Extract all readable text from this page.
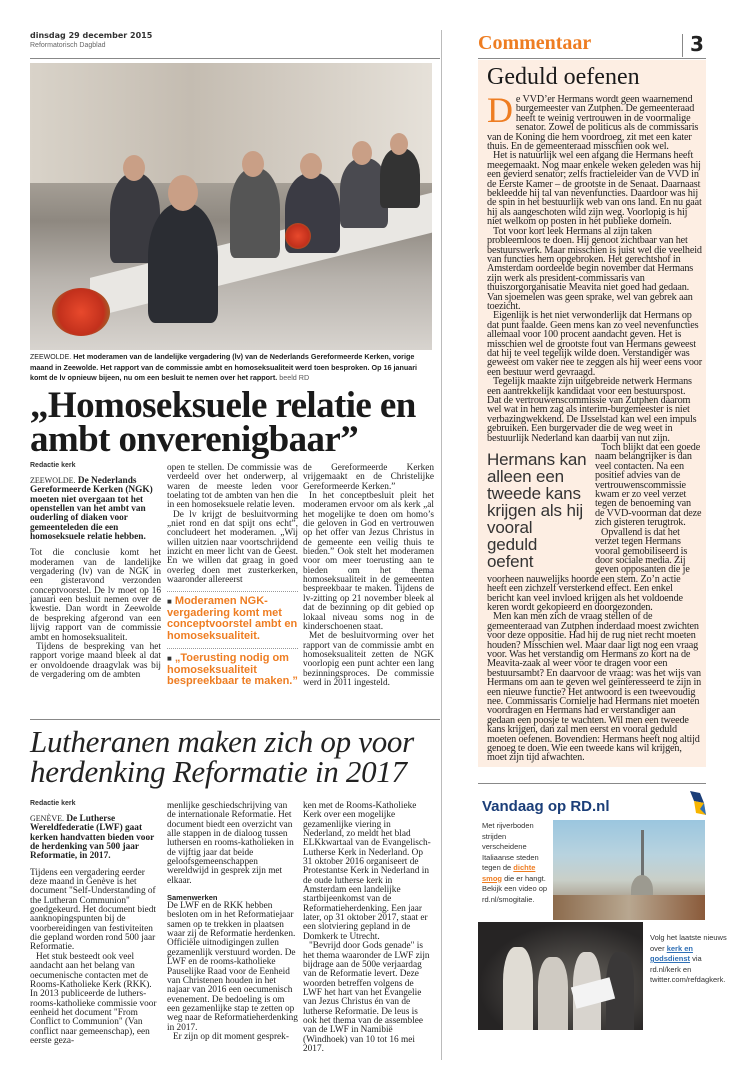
dinsdag 29 december 2015
Reformatorisch Dagblad
ZEEWOLDE. Het moderamen van de landelijke vergadering (lv) van de Nederlands Gereformeerde Kerken, vorige maand in Zeewolde. Het rapport van de commissie ambt en homoseksualiteit werd toen besproken. Op 16 januari komt de lv opnieuw bijeen, nu om een besluit te nemen over het rapport. beeld RD
„Homoseksuele relatie en
ambt onverenigbaar”
Redactie kerk
ZEEWOLDE. De Nederlands Gereformeerde Kerken (NGK) moeten niet overgaan tot het openstellen van het ambt van ouderling of diaken voor gemeenteleden die een homoseksuele relatie hebben.

Tot die conclusie komt het moderamen van de landelijke vergadering (lv) van de NGK in een gisteravond verzonden conceptvoorstel. De lv moet op 16 januari een besluit nemen over de kwestie. Dan wordt in Zeewolde de bespreking afgerond van een lijvig rapport van de commissie ambt en homoseksualiteit.

Tijdens de bespreking van het rapport vorige maand bleek al dat er onvoldoende draagvlak was bij de vergadering om de ambten

open te stellen. De commissie was verdeeld over het onderwerp, al waren de meeste leden voor toelating tot de ambten van hen die in een homoseksuele relatie leven.

De lv krijgt de besluitvorming „niet rond en dat spijt ons echt”, concludeert het moderamen. „Wij willen uitzien naar voortschrijdend inzicht en meer licht van de Geest. En we willen dat graag in goed overleg doen met zusterkerken, waaronder allereerst

■ Moderamen NGK-vergadering komt met conceptvoorstel ambt en homoseksualiteit.
■ „Toerusting nodig om homoseksualiteit bespreekbaar te maken.”

de Gereformeerde Kerken vrijgemaakt en de Christelijke Gereformeerde Kerken.”

In het conceptbesluit pleit het moderamen ervoor om als kerk „al het mogelijke te doen om homo’s die geloven in God en vertrouwen op het offer van Jezus Christus in de gemeente een veilig thuis te bieden.” Ook stelt het moderamen voor om meer toerusting aan te bieden om het thema homoseksualiteit in de gemeenten bespreekbaar te maken. Tijdens de lv-zitting op 21 november bleek al dat de bezinning op dit gebied op lokaal niveau soms nog in de kinderschoenen staat.

Met de besluitvorming over het rapport van de commissie ambt en homoseksualiteit zetten de NGK voorlopig een punt achter een lang bezinningsproces. De commissie werd in 2011 ingesteld.

Lutheranen maken zich op voor
herdenking Reformatie in 2017
Redactie kerk
GENÈVE. De Lutherse Wereldfederatie (LWF) gaat kerken handvatten bieden voor de herdenking van 500 jaar Reformatie, in 2017.

Tijdens een vergadering eerder deze maand in Genève is het document "Self-Understanding of the Lutheran Communion" goedgekeurd. Het document biedt aanknopingspunten bij de voorbereidingen van festiviteiten die gepland worden rond 500 jaar Reformatie.

Het stuk besteedt ook veel aandacht aan het belang van oecumenische contacten met de Rooms-Katholieke Kerk (RKK). In 2013 publiceerde de luthers-rooms-katholieke commissie voor eenheid het document "From Conflict to Communion" (Van conflict naar gemeenschap), een eerste geza-

menlijke geschiedschrijving van de internationale Reformatie. Het document biedt een overzicht van alle stappen in de dialoog tussen luthersen en rooms-katholieken in de vijftig jaar dat beide geloofsgemeenschappen wereldwijd in gesprek zijn met elkaar.

Samenwerken

De LWF en de RKK hebben besloten om in het Reformatiejaar samen op te trekken in plaatsen waar zij de Reformatie herdenken. Officiële uitnodigingen zullen gezamenlijk verstuurd worden. De LWF en de rooms-katholieke Pauselijke Raad voor de Eenheid van Christenen houden in het najaar van 2016 een oecumenisch evenement. De bedoeling is om een gezamenlijke stap te zetten op weg naar de Reformatieherdenking in 2017.

Er zijn op dit moment gesprek-

ken met de Rooms-Katholieke Kerk over een mogelijke gezamenlijke viering in Nederland, zo meldt het blad ELKkwartaal van de Evangelisch-Lutherse Kerk in Nederland. Op 31 oktober 2016 organiseert de Protestantse Kerk in Nederland in de oude lutherse kerk in Amsterdam een landelijke startbijeenkomst van de Reformatieherdenking. Een jaar later, op 31 oktober 2017, staat er een slotviering gepland in de Domkerk te Utrecht.

"Bevrijd door Gods genade" is het thema waaronder de LWF zijn bijdrage aan de 500e verjaardag van de Reformatie levert. Deze woorden betreffen volgens de LWF het hart van het Evangelie van Jezus Christus én van de lutherse Reformatie. De leus is ook het thema van de assemblee van de LWF in Namibië (Windhoek) van 10 tot 16 mei 2017.

Commentaar	3
Geduld oefenen

De VVD’er Hermans wordt geen waarnemend burgemeester van Zutphen. De gemeenteraad heeft te weinig vertrouwen in de voormalige senator. Zowel de politicus als de commissaris van de Koning die hem voordroeg, zit met een kater thuis. En de gemeenteraad misschien ook wel.

Het is natuurlijk wel een afgang die Hermans heeft meegemaakt. Nog maar enkele weken geleden was hij een gevierd senator; zelfs fractieleider van de VVD in de Eerste Kamer – de grootste in de Senaat. Daarnaast bekleedde hij tal van nevenfuncties. Daardoor was hij de spin in het bestuurlijk web van ons land. En nu gaat hij als aangeschoten wild zijn weg. Voorlopig is hij niet welkom op posten in het publieke domein.

Tot voor kort leek Hermans al zijn taken probleemloos te doen. Hij genoot zichtbaar van het bestuurswerk. Maar misschien is juist wel die veelheid van functies hem opgebroken. Het gerechtshof in Amsterdam oordeelde begin november dat Hermans zijn werk als president-commissaris van thuiszorgorganisatie Meavita niet goed had gedaan. Van sjoemelen was geen sprake, wel van gebrek aan toezicht.

Eigenlijk is het niet verwonderlijk dat Hermans op dat punt faalde. Geen mens kan zo veel nevenfuncties allemaal voor 100 procent aandacht geven. Het is misschien wel de grootste fout van Hermans geweest dat hij te veel tegelijk wilde doen. Verstandiger was geweest om vaker nee te zeggen als hij weer eens voor een bestuur werd gevraagd.

Tegelijk maakte zijn uitgebreide netwerk Hermans een aantrekkelijk kandidaat voor een bestuurspost. Dat de vertrouwenscommissie van Zutphen daarom wel wat in hem zag als interim-burgemeester is niet verbazingwekkend. De IJsselstad kan wel een impuls gebruiken. Een burgervader die de weg weet in bestuurlijk Nederland kan daarbij van nut zijn.

Hermans kan alleen een tweede kans krijgen als hij vooral geduld oefent

Toch blijkt dat een goede naam belangrijker is dan veel contacten. Na een positief advies van de vertrouwenscommissie kwam er zo veel verzet tegen de benoeming van de VVD-voorman dat deze zich gisteren terugtrok.

Opvallend is dat het verzet tegen Hermans vooral gemobiliseerd is door sociale media. Zij geven opposanten die je voorheen nauwelijks hoorde een stem. Zo’n actie heeft een zichzelf versterkend effect. Een enkel bericht kan veel invloed krijgen als het voldoende keren wordt gekopieerd en doorgezonden.

Men kan men zich de vraag stellen of de gemeenteraad van Zutphen inderdaad moest zwichten voor deze oppositie. Had hij de rug niet recht moeten houden? Misschien wel. Maar daar ligt nog een vraag voor. Was het verstandig om Hermans zo kort na de Meavita-zaak al weer voor te dragen voor een bestuursambt? En daarvoor de vraag: was het wijs van Hermans om aan te geven wel geïnteresseerd te zijn in een nieuwe functie? Het antwoord is een tweevoudig nee. Commissaris Cornielje had Hermans niet moeten voordragen en Hermans had er verstandiger aan gedaan een poosje te wachten. Wil men een tweede kans krijgen, dan zal men eerst en vooral geduld moeten oefenen. Bovendien: Hermans heeft nog altijd genoeg te doen. Wie een tweede kans wil krijgen, moet zijn tijd afwachten.

Vandaag op RD.nl
Met rijverboden strijden verscheidene Italiaanse steden tegen de dichte smog die er hangt. Bekijk een video op rd.nl/smogitalie.
Volg het laatste nieuws over kerk en godsdienst via rd.nl/kerk en twitter.com/refdagkerk.
